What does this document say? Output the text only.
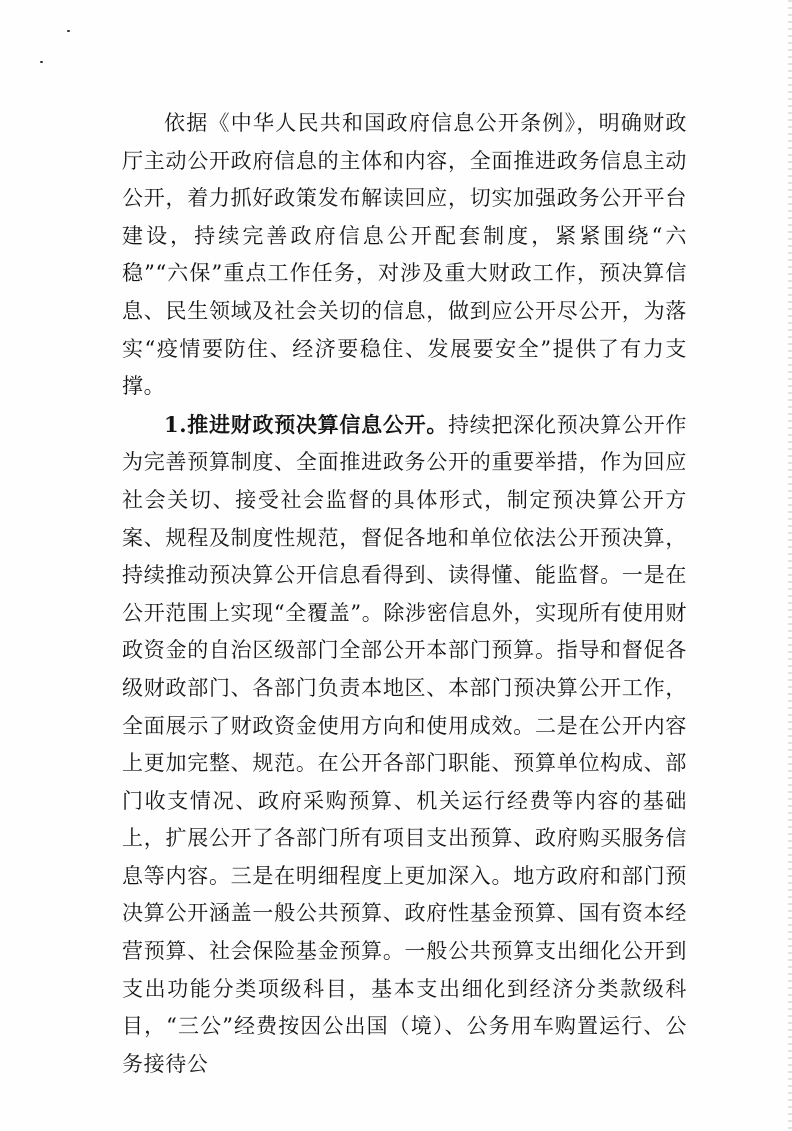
依据《中华人民共和国政府信息公开条例》，明确财政厅主动公开政府信息的主体和内容，全面推进政务信息主动公开，着力抓好政策发布解读回应，切实加强政务公开平台建设，持续完善政府信息公开配套制度，紧紧围绕“六稳”“六保”重点工作任务，对涉及重大财政工作，预决算信息、民生领域及社会关切的信息，做到应公开尽公开，为落实“疫情要防住、经济要稳住、发展要安全”提供了有力支撑。

1.推进财政预决算信息公开。持续把深化预决算公开作为完善预算制度、全面推进政务公开的重要举措，作为回应社会关切、接受社会监督的具体形式，制定预决算公开方案、规程及制度性规范，督促各地和单位依法公开预决算，持续推动预决算公开信息看得到、读得懂、能监督。一是在公开范围上实现“全覆盖”。除涉密信息外，实现所有使用财政资金的自治区级部门全部公开本部门预算。指导和督促各级财政部门、各部门负责本地区、本部门预决算公开工作，全面展示了财政资金使用方向和使用成效。二是在公开内容上更加完整、规范。在公开各部门职能、预算单位构成、部门收支情况、政府采购预算、机关运行经费等内容的基础上，扩展公开了各部门所有项目支出预算、政府购买服务信息等内容。三是在明细程度上更加深入。地方政府和部门预决算公开涵盖一般公共预算、政府性基金预算、国有资本经营预算、社会保险基金预算。一般公共预算支出细化公开到支出功能分类项级科目，基本支出细化到经济分类款级科目，“三公”经费按因公出国（境）、公务用车购置运行、公务接待公
